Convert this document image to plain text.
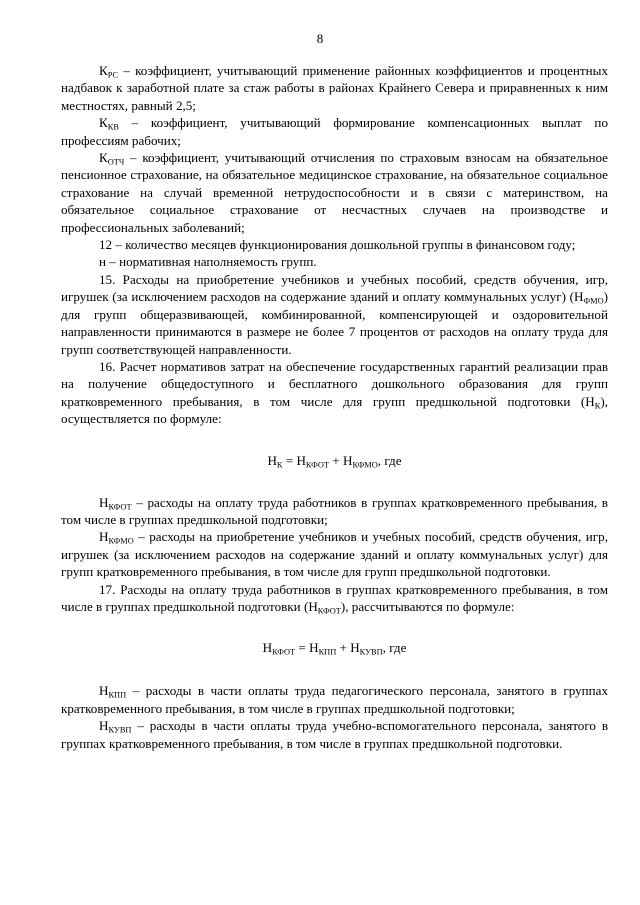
8

$К_{РС}$ – коэффициент, учитывающий применение районных коэффициентов и процентных надбавок к заработной плате за стаж работы в районах Крайнего Севера и приравненных к ним местностях, равный 2,5;

$К_{КВ}$ – коэффициент, учитывающий формирование компенсационных выплат по профессиям рабочих;

$К_{ОТЧ}$ – коэффициент, учитывающий отчисления по страховым взносам на обязательное пенсионное страхование, на обязательное медицинское страхование, на обязательное социальное страхование на случай временной нетрудоспособности и в связи с материнством, на обязательное социальное страхование от несчастных случаев на производстве и профессиональных заболеваний;

12 – количество месяцев функционирования дошкольной группы в финансовом году;

н – нормативная наполняемость групп.

15. Расходы на приобретение учебников и учебных пособий, средств обучения, игр, игрушек (за исключением расходов на содержание зданий и оплату коммунальных услуг) $(Н_{ФМО})$ для групп общеразвивающей, комбинированной, компенсирующей и оздоровительной направленности принимаются в размере не более 7 процентов от расходов на оплату труда для групп соответствующей направленности.

16. Расчет нормативов затрат на обеспечение государственных гарантий реализации прав на получение общедоступного и бесплатного дошкольного образования для групп кратковременного пребывания, в том числе для групп предшкольной подготовки $(Н_К)$, осуществляется по формуле:

$Н_К = Н_{КФОТ} + Н_{КФМО}$, где

$Н_{КФОТ}$ – расходы на оплату труда работников в группах кратковременного пребывания, в том числе в группах предшкольной подготовки;

$Н_{КФМО}$ – расходы на приобретение учебников и учебных пособий, средств обучения, игр, игрушек (за исключением расходов на содержание зданий и оплату коммунальных услуг) для групп кратковременного пребывания, в том числе для групп предшкольной подготовки.

17. Расходы на оплату труда работников в группах кратковременного пребывания, в том числе в группах предшкольной подготовки $(Н_{КФОТ})$, рассчитываются по формуле:

$Н_{КФОТ} = Н_{КПП} + Н_{КУВП}$, где

$Н_{КПП}$ – расходы в части оплаты труда педагогического персонала, занятого в группах кратковременного пребывания, в том числе в группах предшкольной подготовки;

$Н_{КУВП}$ – расходы в части оплаты труда учебно-вспомогательного персонала, занятого в группах кратковременного пребывания, в том числе в группах предшкольной подготовки.
